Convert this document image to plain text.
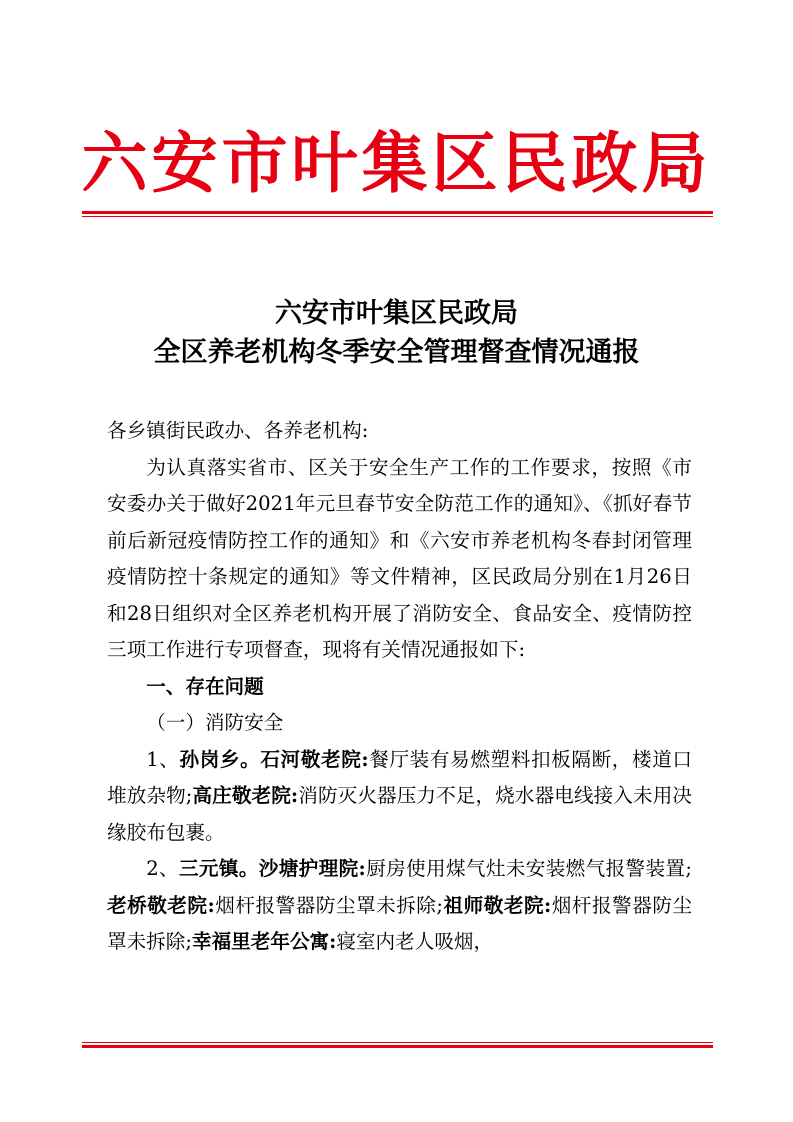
六安市叶集区民政局
六安市叶集区民政局
全区养老机构冬季安全管理督查情况通报

各乡镇街民政办、各养老机构:

为认真落实省市、区关于安全生产工作的工作要求，按照《市安委办关于做好2021年元旦春节安全防范工作的通知》、《抓好春节前后新冠疫情防控工作的通知》和《六安市养老机构冬春封闭管理疫情防控十条规定的通知》等文件精神，区民政局分别在1月26日和28日组织对全区养老机构开展了消防安全、食品安全、疫情防控三项工作进行专项督查，现将有关情况通报如下:

一、存在问题

（一）消防安全

1、孙岗乡。石河敬老院:餐厅装有易燃塑料扣板隔断，楼道口堆放杂物;高庄敬老院:消防灭火器压力不足，烧水器电线接入未用决缘胶布包裹。

2、三元镇。沙塘护理院:厨房使用煤气灶未安装燃气报警装置;老桥敬老院:烟杆报警器防尘罩未拆除;祖师敬老院:烟杆报警器防尘罩未拆除;幸福里老年公寓:寝室内老人吸烟，
